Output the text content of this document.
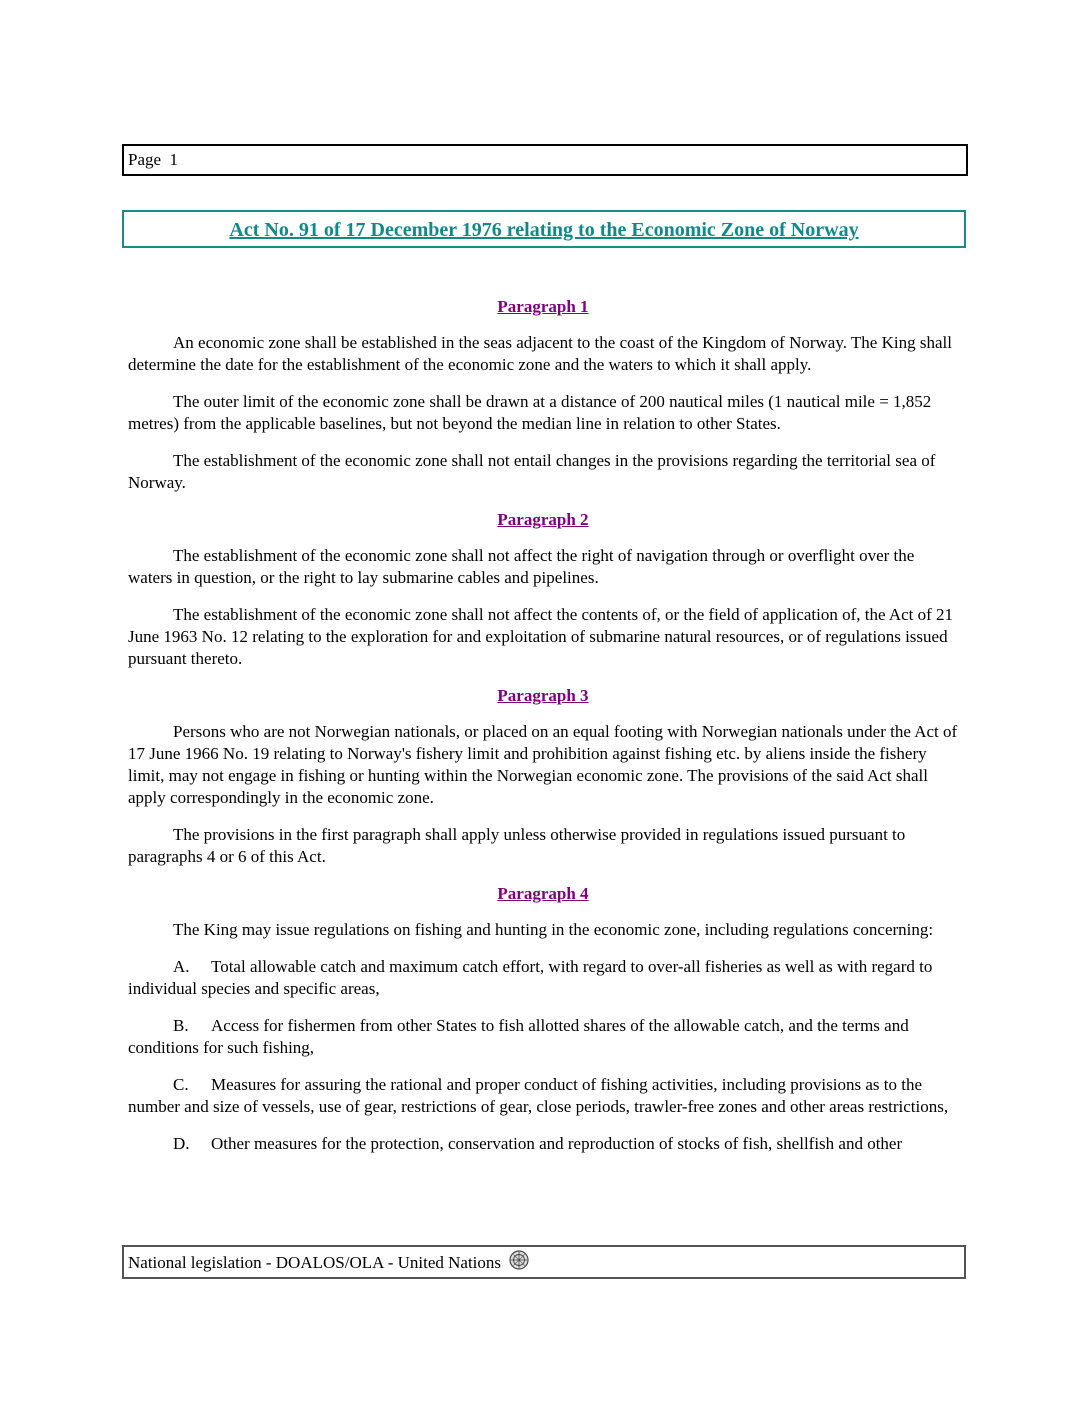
Page  1
Act No. 91 of 17 December 1976 relating to the Economic Zone of Norway
Paragraph 1

An economic zone shall be established in the seas adjacent to the coast of the Kingdom of Norway. The King shall determine the date for the establishment of the economic zone and the waters to which it shall apply.

The outer limit of the economic zone shall be drawn at a distance of 200 nautical miles (1 nautical mile = 1,852 metres) from the applicable baselines, but not beyond the median line in relation to other States.

The establishment of the economic zone shall not entail changes in the provisions regarding the territorial sea of Norway.

Paragraph 2

The establishment of the economic zone shall not affect the right of navigation through or overflight over the waters in question, or the right to lay submarine cables and pipelines.

The establishment of the economic zone shall not affect the contents of, or the field of application of, the Act of 21 June 1963 No. 12 relating to the exploration for and exploitation of submarine natural resources, or of regulations issued pursuant thereto.

Paragraph 3

Persons who are not Norwegian nationals, or placed on an equal footing with Norwegian nationals under the Act of 17 June 1966 No. 19 relating to Norway's fishery limit and prohibition against fishing etc. by aliens inside the fishery limit, may not engage in fishing or hunting within the Norwegian economic zone. The provisions of the said Act shall apply correspondingly in the economic zone.

The provisions in the first paragraph shall apply unless otherwise provided in regulations issued pursuant to paragraphs 4 or 6 of this Act.

Paragraph 4

The King may issue regulations on fishing and hunting in the economic zone, including regulations concerning:

A. Total allowable catch and maximum catch effort, with regard to over-all fisheries as well as with regard to individual species and specific areas,

B. Access for fishermen from other States to fish allotted shares of the allowable catch, and the terms and conditions for such fishing,

C. Measures for assuring the rational and proper conduct of fishing activities, including provisions as to the number and size of vessels, use of gear, restrictions of gear, close periods, trawler-free zones and other areas restrictions,

D. Other measures for the protection, conservation and reproduction of stocks of fish, shellfish and other

National legislation - DOALOS/OLA - United Nations
